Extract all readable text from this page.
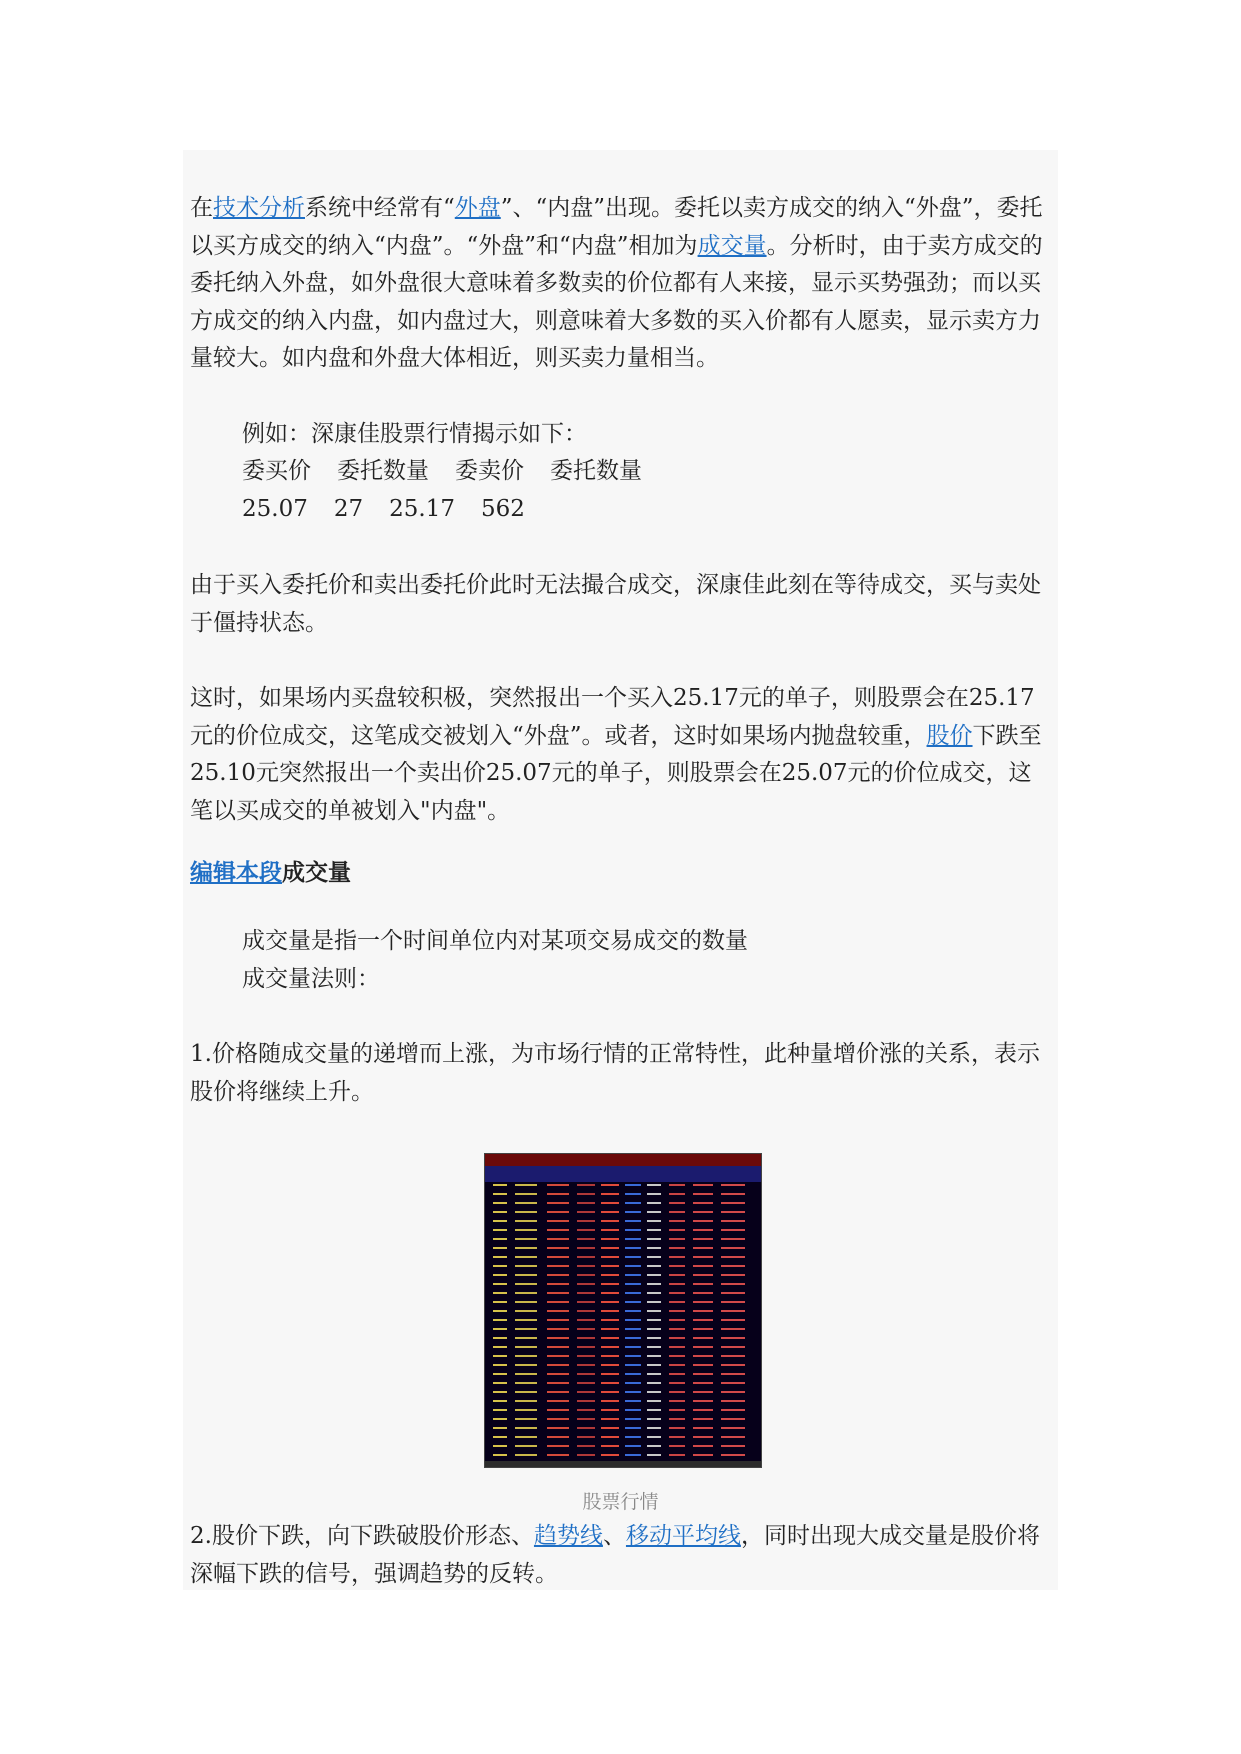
在技术分析系统中经常有“外盘”、“内盘”出现。委托以卖方成交的纳入“外盘”，委托以买方成交的纳入“内盘”。“外盘”和“内盘”相加为成交量。分析时，由于卖方成交的委托纳入外盘，如外盘很大意味着多数卖的价位都有人来接，显示买势强劲；而以买方成交的纳入内盘，如内盘过大，则意味着大多数的买入价都有人愿卖，显示卖方力量较大。如内盘和外盘大体相近，则买卖力量相当。
例如：深康佳股票行情揭示如下：
委买价 委托数量 委卖价 委托数量
25.07 27 25.17 562
由于买入委托价和卖出委托价此时无法撮合成交，深康佳此刻在等待成交，买与卖处于僵持状态。
这时，如果场内买盘较积极，突然报出一个买入25.17元的单子，则股票会在25.17元的价位成交，这笔成交被划入“外盘”。或者，这时如果场内抛盘较重，股价下跌至25.10元突然报出一个卖出价25.07元的单子，则股票会在25.07元的价位成交，这笔以买成交的单被划入"内盘"。
编辑本段成交量
成交量是指一个时间单位内对某项交易成交的数量
成交量法则：
1.价格随成交量的递增而上涨，为市场行情的正常特性，此种量增价涨的关系，表示股价将继续上升。
股票行情
2.股价下跌，向下跌破股价形态、趋势线、移动平均线，同时出现大成交量是股价将深幅下跌的信号，强调趋势的反转。
